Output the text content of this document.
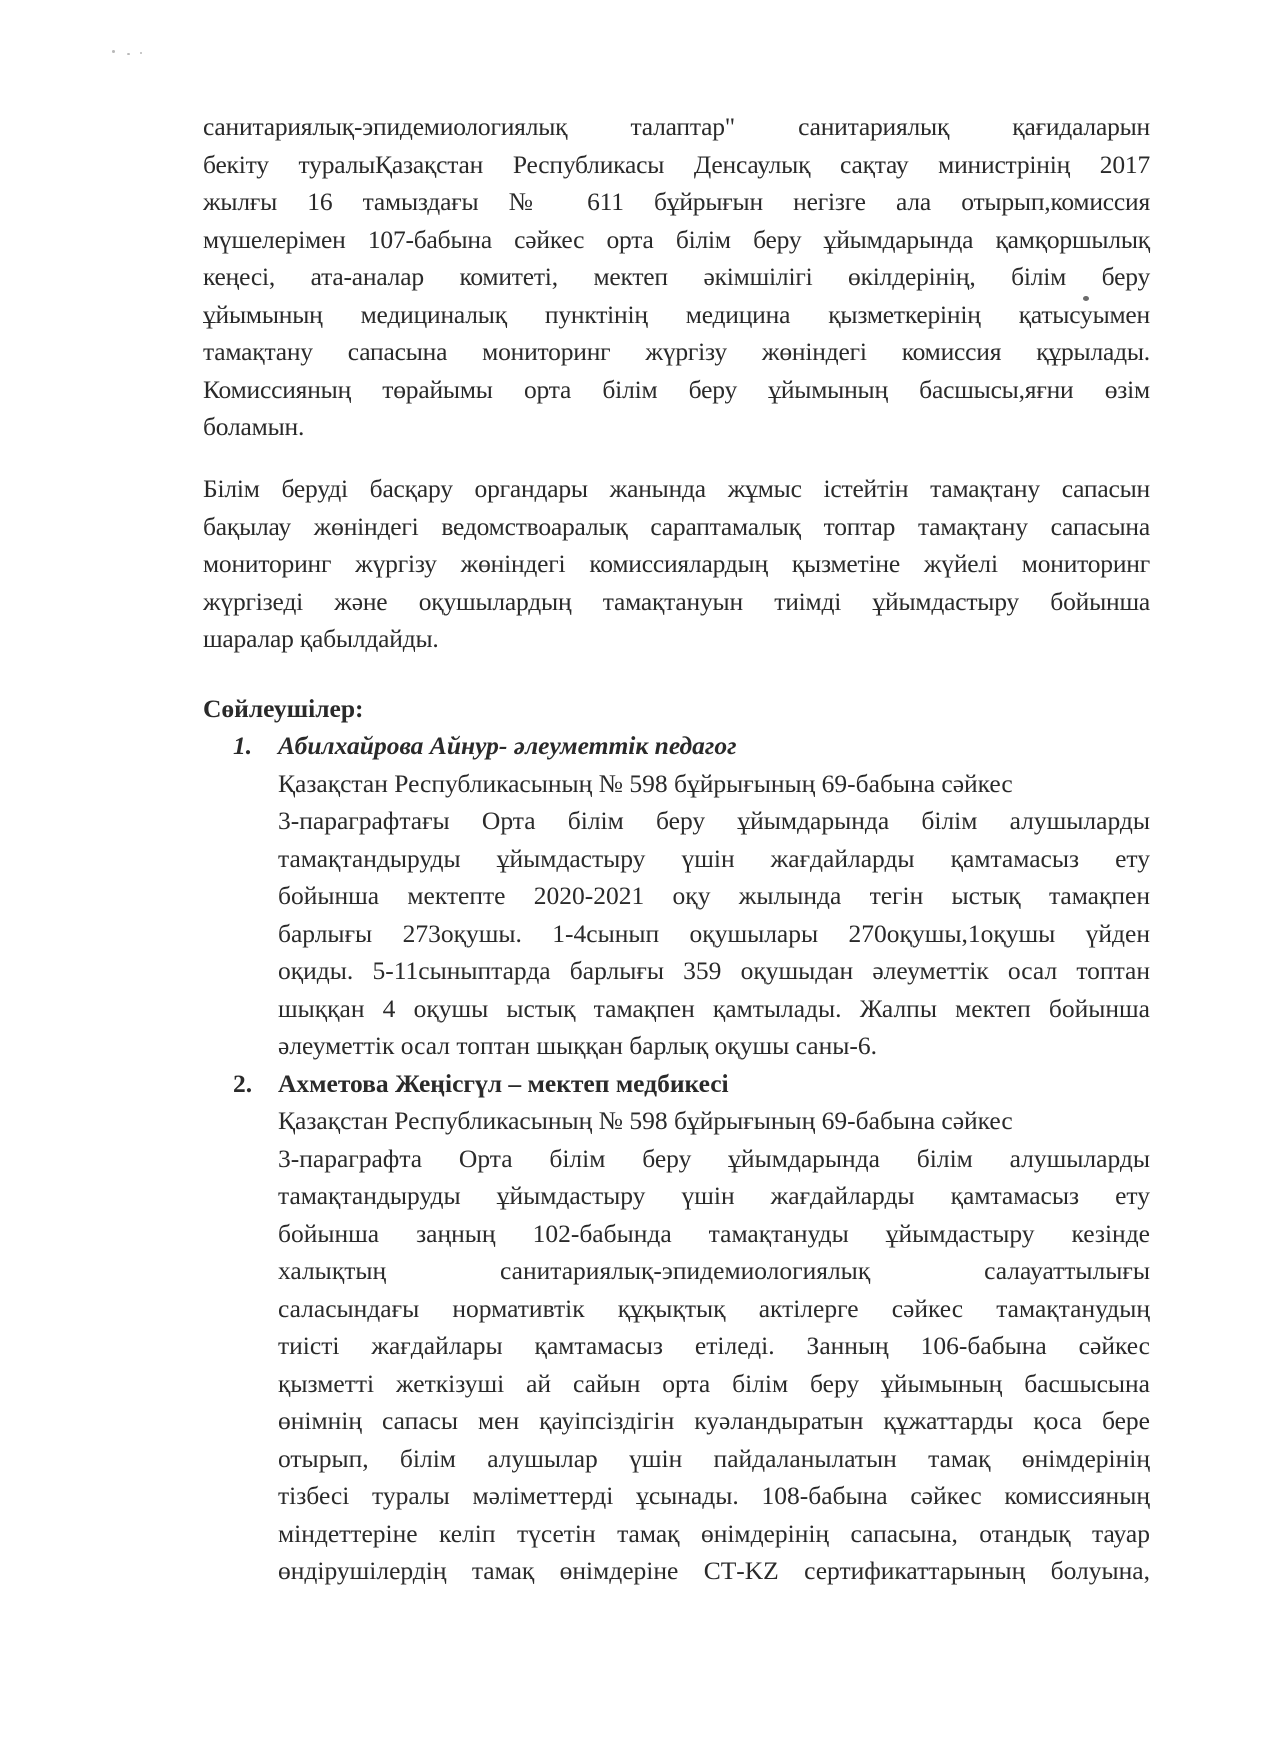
санитариялық-эпидемиологиялық талаптар" санитариялық қағидаларын
бекіту туралыҚазақстан Республикасы Денсаулық сақтау министрінің 2017
жылғы 16 тамыздағы № 611 бұйрығын негізге ала отырып,комиссия
мүшелерімен 107-бабына сәйкес орта білім беру ұйымдарында қамқоршылық
кеңесі, ата-аналар комитеті, мектеп әкімшілігі өкілдерінің, білім беру
ұйымының медициналық пунктінің медицина қызметкерінің қатысуымен
тамақтану сапасына мониторинг жүргізу жөніндегі комиссия құрылады.
Комиссияның төрайымы орта білім беру ұйымының басшысы,яғни өзім
боламын.
Білім беруді басқару органдары жанында жұмыс істейтін тамақтану сапасын
бақылау жөніндегі ведомствоаралық сараптамалық топтар тамақтану сапасына
мониторинг жүргізу жөніндегі комиссиялардың қызметіне жүйелі мониторинг
жүргізеді және оқушылардың тамақтануын тиімді ұйымдастыру бойынша
шаралар қабылдайды.
Сөйлеушілер:
1. Абилхайрова Айнур- әлеуметтік педагог
Қазақстан Республикасының № 598 бұйрығының 69-бабына сәйкес
3-параграфтағы Орта білім беру ұйымдарында білім алушыларды
тамақтандыруды ұйымдастыру үшін жағдайларды қамтамасыз ету
бойынша мектепте 2020-2021 оқу жылында тегін ыстық тамақпен
барлығы 273оқушы. 1-4сынып оқушылары 270оқушы,1оқушы үйден
оқиды. 5-11сыныптарда барлығы 359 оқушыдан әлеуметтік осал топтан
шыққан 4 оқушы ыстық тамақпен қамтылады. Жалпы мектеп бойынша
әлеуметтік осал топтан шыққан барлық оқушы саны-6.
2. Ахметова Жеңісгүл – мектеп медбикесі
Қазақстан Республикасының № 598 бұйрығының 69-бабына сәйкес
3-параграфта Орта білім беру ұйымдарында білім алушыларды
тамақтандыруды ұйымдастыру үшін жағдайларды қамтамасыз ету
бойынша заңның 102-бабында тамақтануды ұйымдастыру кезінде
халықтың санитариялық-эпидемиологиялық салауаттылығы
саласындағы нормативтік құқықтық актілерге сәйкес тамақтанудың
тиісті жағдайлары қамтамасыз етіледі. Занның 106-бабына сәйкес
қызметті жеткізуші ай сайын орта білім беру ұйымының басшысына
өнімнің сапасы мен қауіпсіздігін куәландыратын құжаттарды қоса бере
отырып, білім алушылар үшін пайдаланылатын тамақ өнімдерінің
тізбесі туралы мәліметтерді ұсынады. 108-бабына сәйкес комиссияның
міндеттеріне келіп түсетін тамақ өнімдерінің сапасына, отандық тауар
өндірушілердің тамақ өнімдеріне СТ-KZ сертификаттарының болуына,
